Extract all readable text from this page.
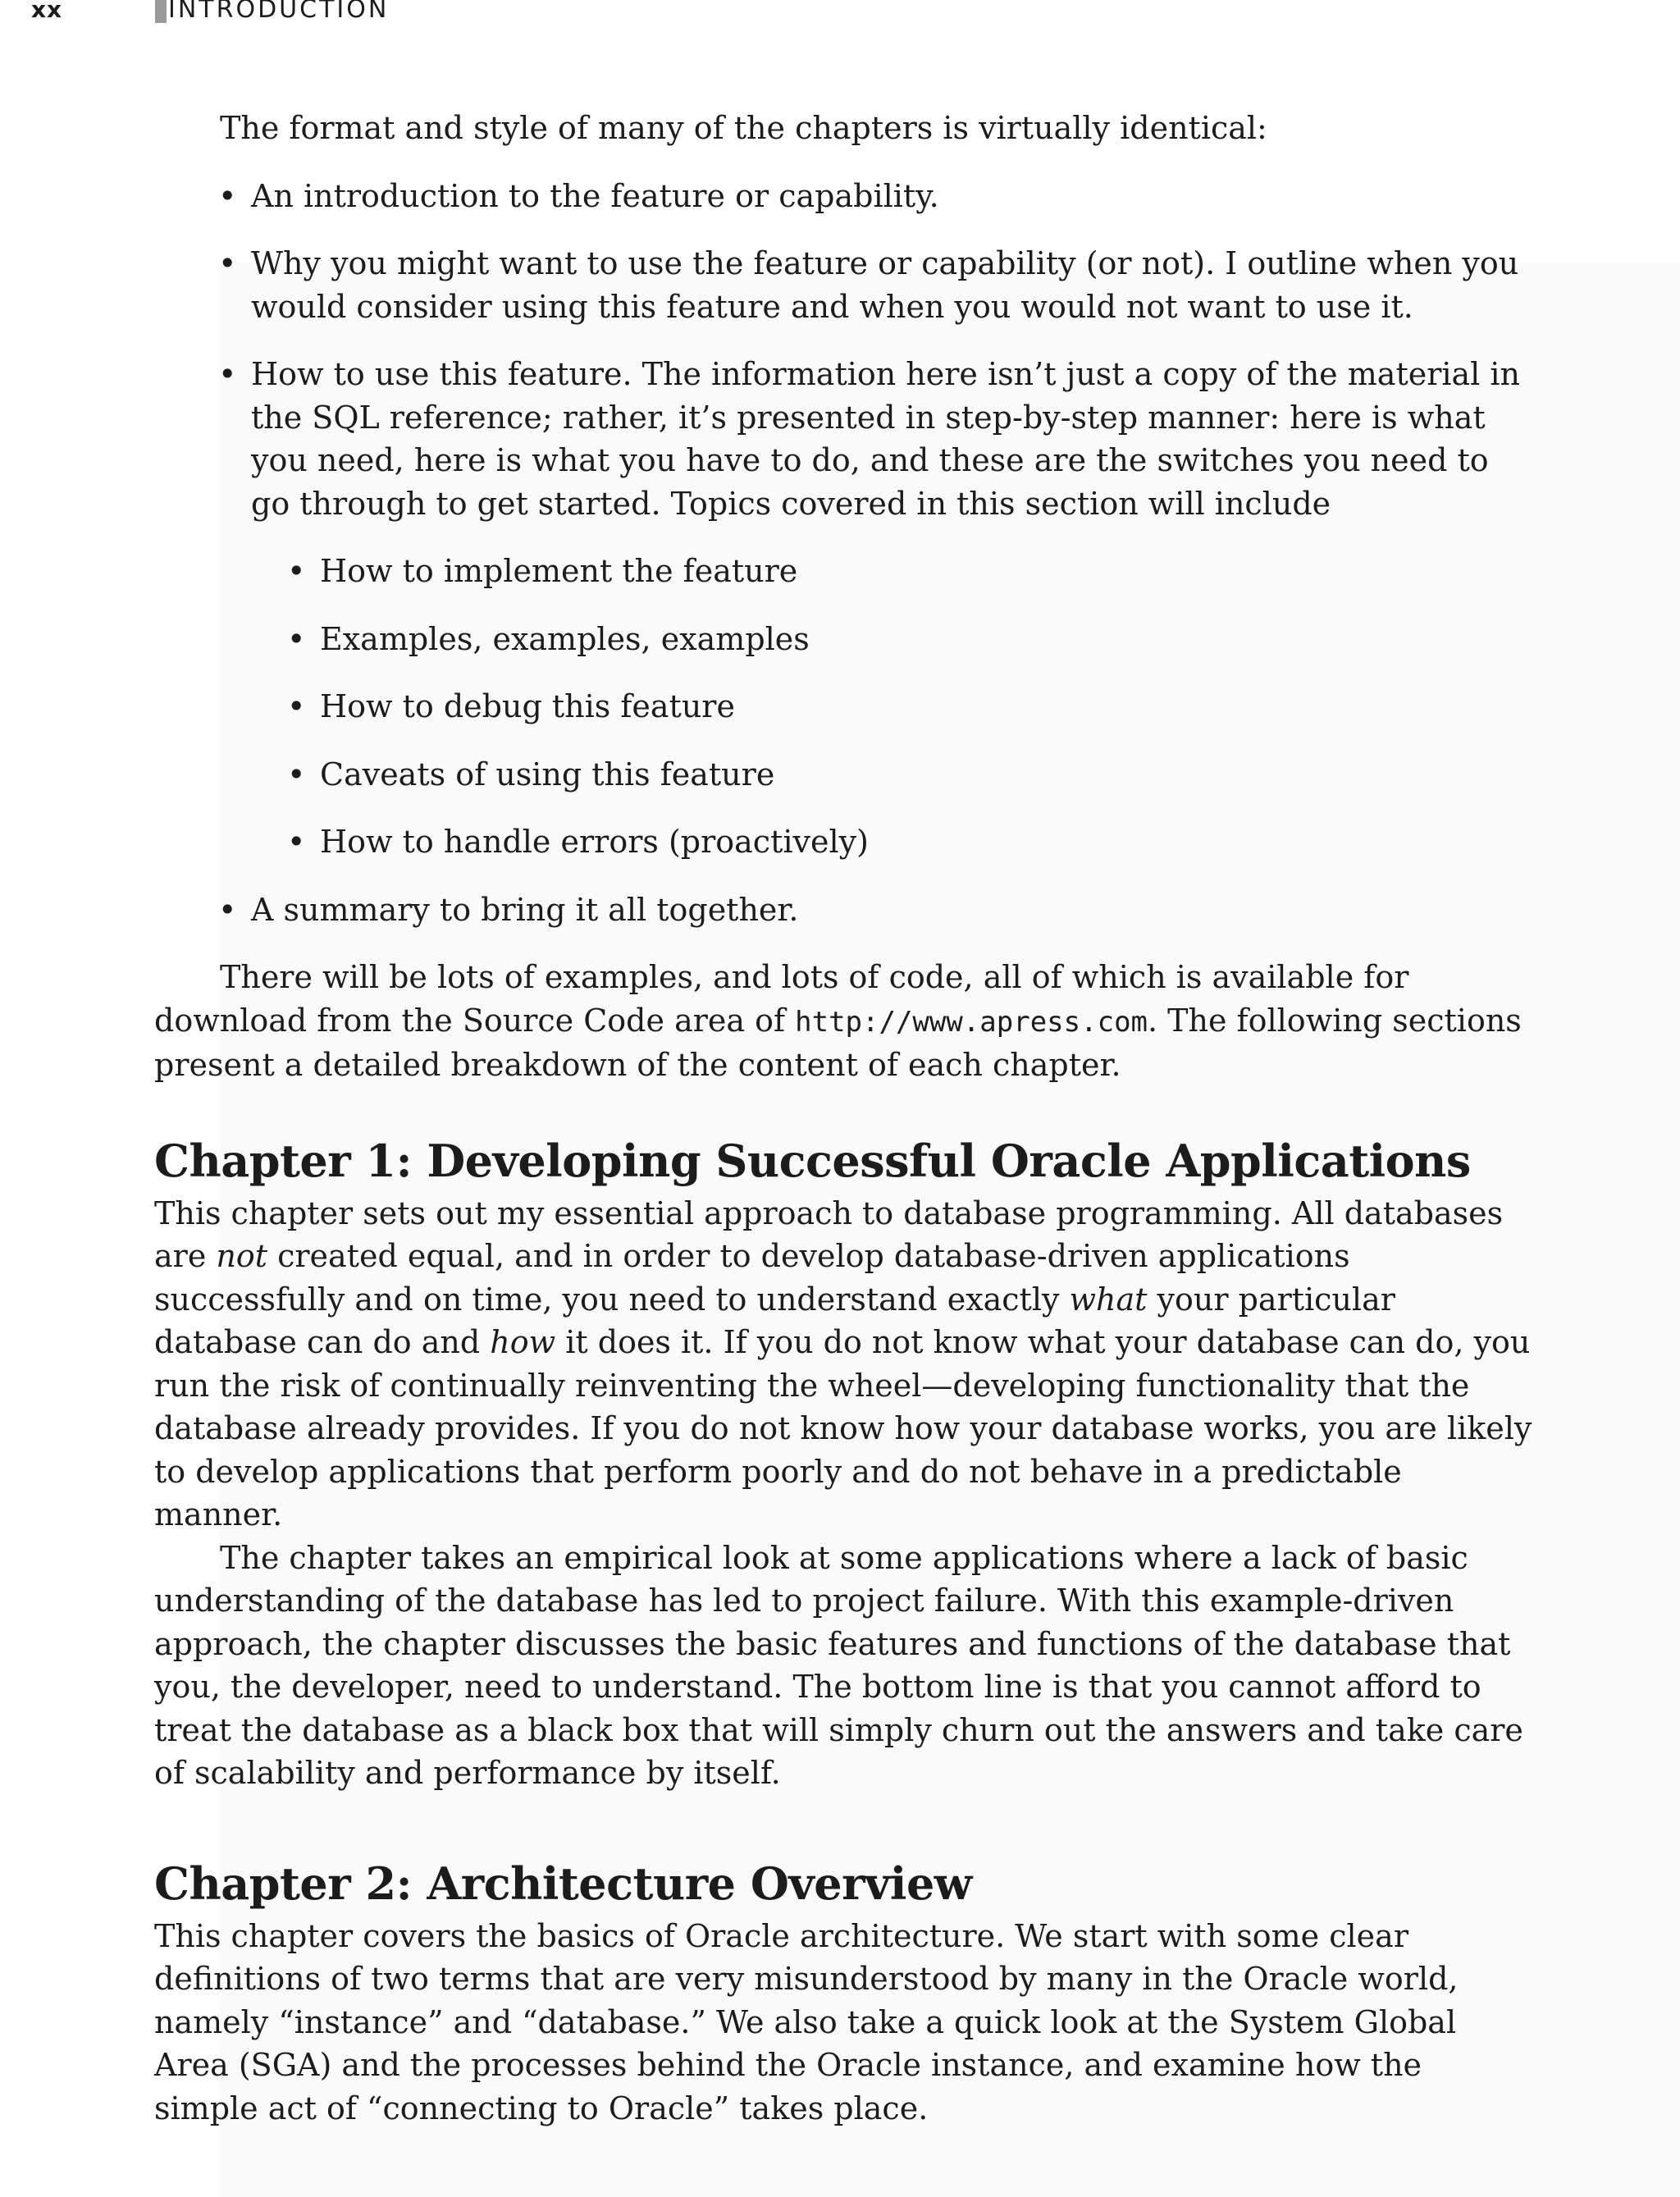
xx	INTRODUCTION

The format and style of many of the chapters is virtually identical:

• An introduction to the feature or capability.
• Why you might want to use the feature or capability (or not). I outline when you would consider using this feature and when you would not want to use it.
• How to use this feature. The information here isn’t just a copy of the material in the SQL reference; rather, it’s presented in step-by-step manner: here is what you need, here is what you have to do, and these are the switches you need to go through to get started. Topics covered in this section will include
• How to implement the feature
• Examples, examples, examples
• How to debug this feature
• Caveats of using this feature
• How to handle errors (proactively)
• A summary to bring it all together.

There will be lots of examples, and lots of code, all of which is available for download from the Source Code area of http://www.apress.com. The following sections present a detailed breakdown of the content of each chapter.

Chapter 1: Developing Successful Oracle Applications

This chapter sets out my essential approach to database programming. All databases are not created equal, and in order to develop database-driven applications successfully and on time, you need to understand exactly what your particular database can do and how it does it. If you do not know what your database can do, you run the risk of continually reinventing the wheel—developing functionality that the database already provides. If you do not know how your database works, you are likely to develop applications that perform poorly and do not behave in a predictable manner.

The chapter takes an empirical look at some applications where a lack of basic understanding of the database has led to project failure. With this example-driven approach, the chapter discusses the basic features and functions of the database that you, the developer, need to understand. The bottom line is that you cannot afford to treat the database as a black box that will simply churn out the answers and take care of scalability and performance by itself.

Chapter 2: Architecture Overview

This chapter covers the basics of Oracle architecture. We start with some clear definitions of two terms that are very misunderstood by many in the Oracle world, namely “instance” and “database.” We also take a quick look at the System Global Area (SGA) and the processes behind the Oracle instance, and examine how the simple act of “connecting to Oracle” takes place.
